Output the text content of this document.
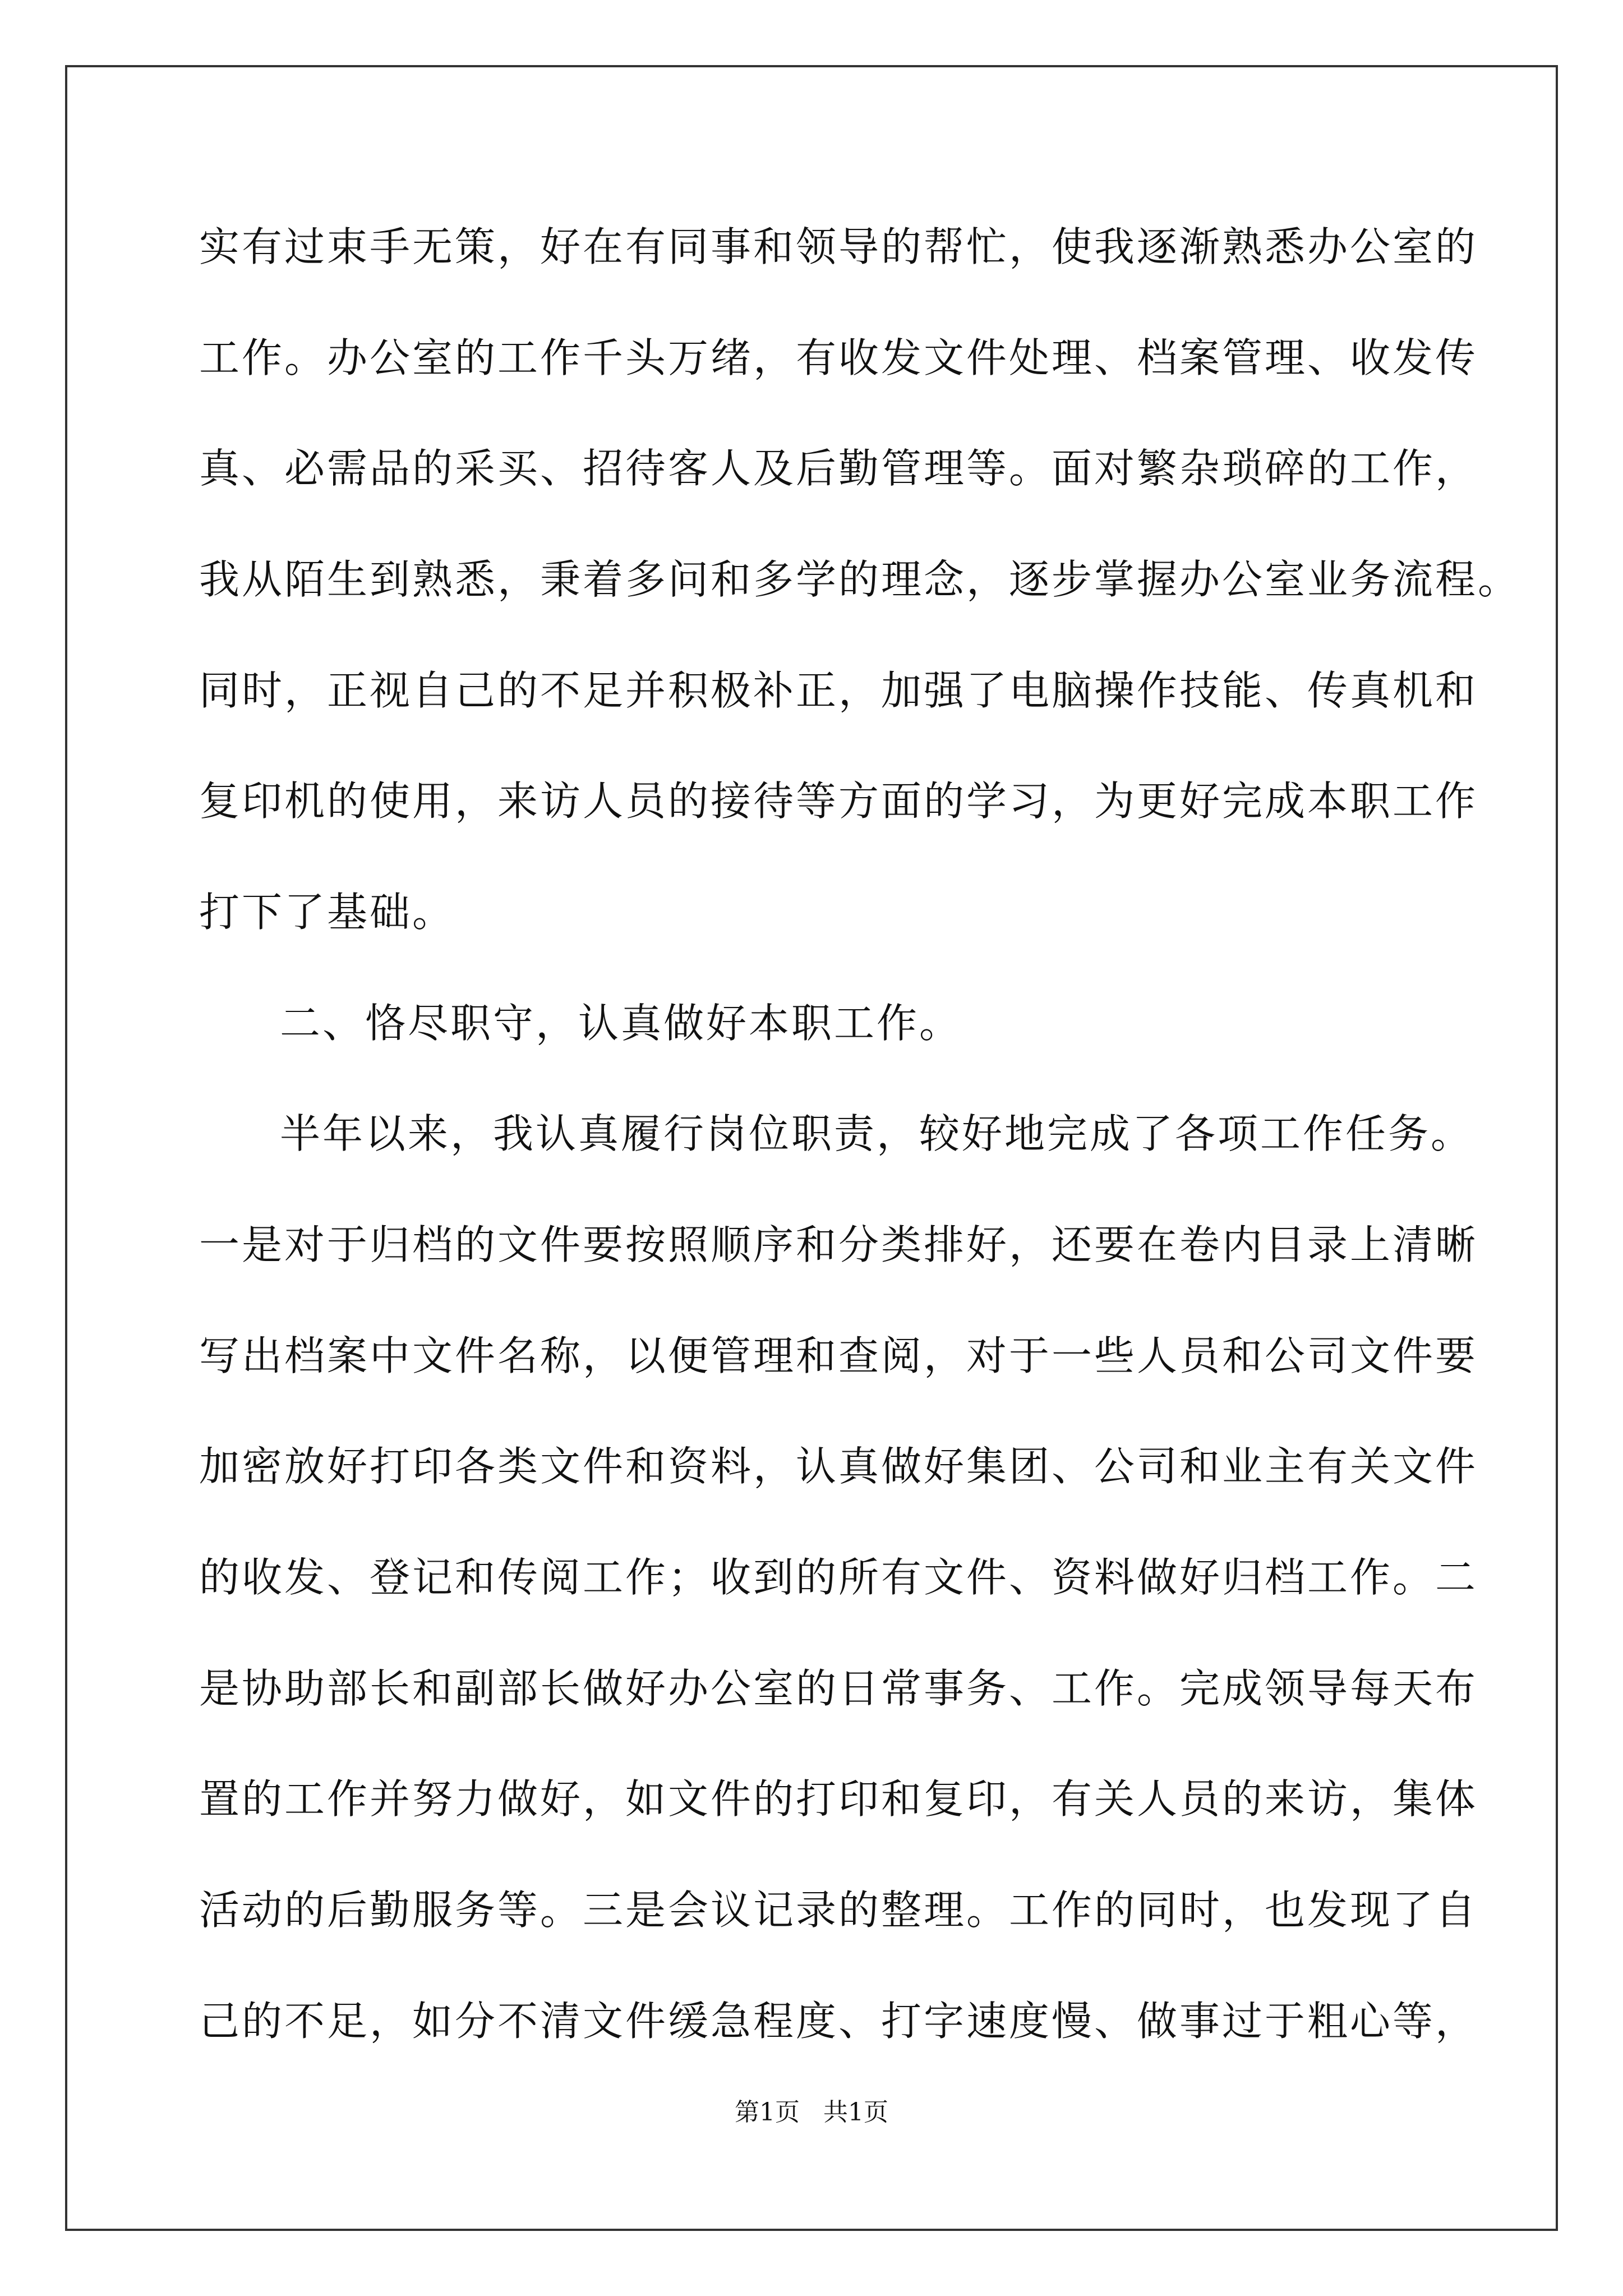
实有过束手无策，好在有同事和领导的帮忙，使我逐渐熟悉办公室的
工作。办公室的工作千头万绪，有收发文件处理、档案管理、收发传
真、必需品的采买、招待客人及后勤管理等。面对繁杂琐碎的工作，
我从陌生到熟悉，秉着多问和多学的理念，逐步掌握办公室业务流程。
同时，正视自己的不足并积极补正，加强了电脑操作技能、传真机和
复印机的使用，来访人员的接待等方面的学习，为更好完成本职工作
打下了基础。
二、恪尽职守，认真做好本职工作。
半年以来，我认真履行岗位职责，较好地完成了各项工作任务。
一是对于归档的文件要按照顺序和分类排好，还要在卷内目录上清晰
写出档案中文件名称，以便管理和查阅，对于一些人员和公司文件要
加密放好打印各类文件和资料，认真做好集团、公司和业主有关文件
的收发、登记和传阅工作；收到的所有文件、资料做好归档工作。二
是协助部长和副部长做好办公室的日常事务、工作。完成领导每天布
置的工作并努力做好，如文件的打印和复印，有关人员的来访，集体
活动的后勤服务等。三是会议记录的整理。工作的同时，也发现了自
己的不足，如分不清文件缓急程度、打字速度慢、做事过于粗心等，
第1页   共1页
